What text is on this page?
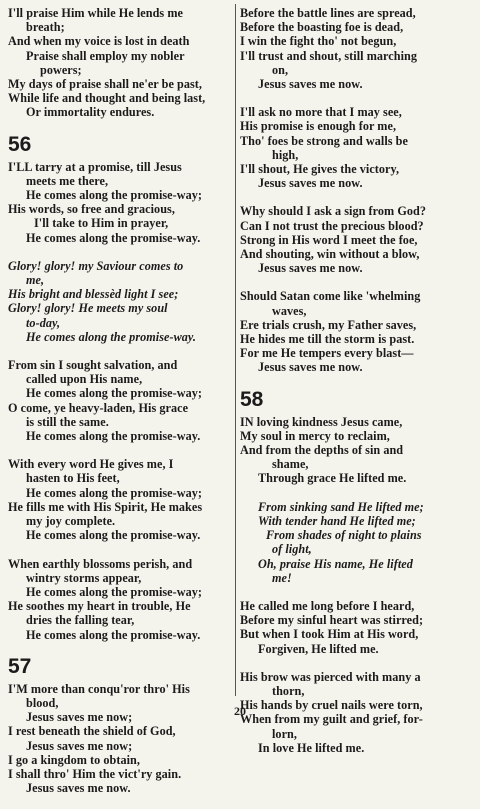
I'll praise Him while He lends me
breath;
And when my voice is lost in death
Praise shall employ my nobler
powers;
My days of praise shall ne'er be past,
While life and thought and being last,
Or immortality endures.
56
I'LL tarry at a promise, till Jesus
meets me there,
He comes along the promise-way;
His words, so free and gracious,
I'll take to Him in prayer,
He comes along the promise-way.
Glory! glory! my Saviour comes to
me,
His bright and blessèd light I see;
Glory! glory! He meets my soul
to-day,
He comes along the promise-way.
From sin I sought salvation, and
called upon His name,
He comes along the promise-way;
O come, ye heavy-laden, His grace
is still the same.
He comes along the promise-way.
With every word He gives me, I
hasten to His feet,
He comes along the promise-way;
He fills me with His Spirit, He makes
my joy complete.
He comes along the promise-way.
When earthly blossoms perish, and
wintry storms appear,
He comes along the promise-way;
He soothes my heart in trouble, He
dries the falling tear,
He comes along the promise-way.
57
I'M more than conqu'ror thro' His
blood,
Jesus saves me now;
I rest beneath the shield of God,
Jesus saves me now;
I go a kingdom to obtain,
I shall thro' Him the vict'ry gain.
Jesus saves me now.
Before the battle lines are spread,
Before the boasting foe is dead,
I win the fight tho' not begun,
I'll trust and shout, still marching
on,
Jesus saves me now.
I'll ask no more that I may see,
His promise is enough for me,
Tho' foes be strong and walls be
high,
I'll shout, He gives the victory,
Jesus saves me now.
Why should I ask a sign from God?
Can I not trust the precious blood?
Strong in His word I meet the foe,
And shouting, win without a blow,
Jesus saves me now.
Should Satan come like 'whelming
waves,
Ere trials crush, my Father saves,
He hides me till the storm is past.
For me He tempers every blast—
Jesus saves me now.
58
IN loving kindness Jesus came,
My soul in mercy to reclaim,
And from the depths of sin and
shame,
Through grace He lifted me.
From sinking sand He lifted me;
With tender hand He lifted me;
From shades of night to plains
of light,
Oh, praise His name, He lifted
me!
He called me long before I heard,
Before my sinful heart was stirred;
But when I took Him at His word,
Forgiven, He lifted me.
His brow was pierced with many a
thorn,
His hands by cruel nails were torn,
When from my guilt and grief, for-
lorn,
In love He lifted me.
20
